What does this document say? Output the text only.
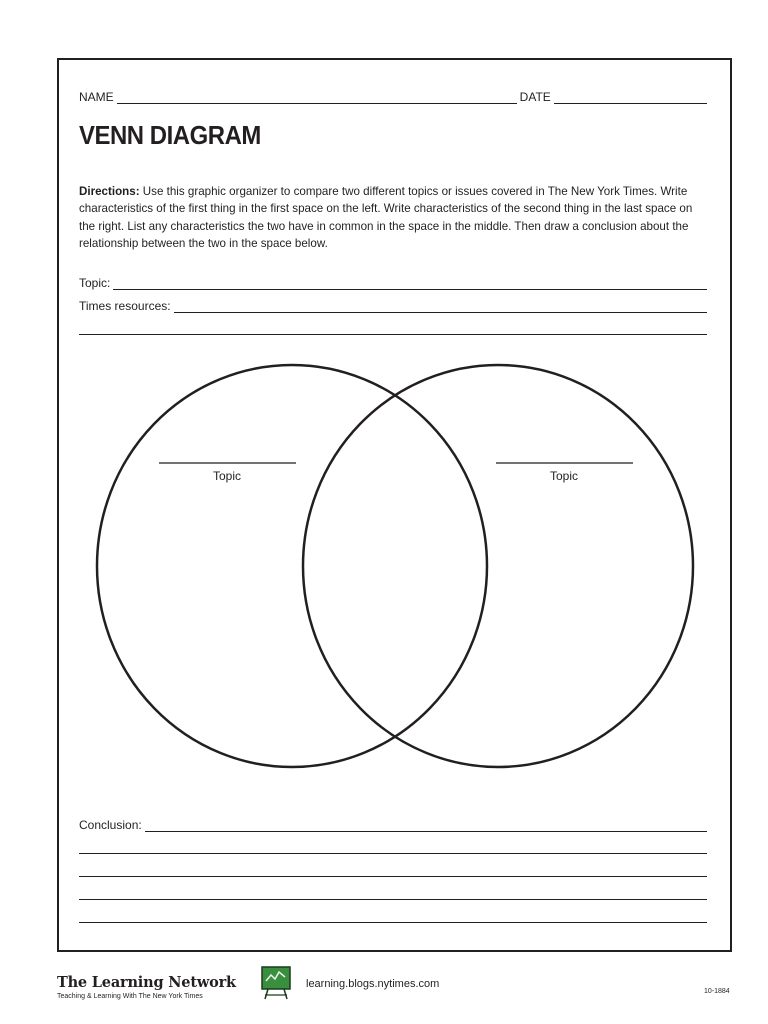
NAME	DATE
VENN DIAGRAM
Directions: Use this graphic organizer to compare two different topics or issues covered in The New York Times. Write characteristics of the first thing in the first space on the left. Write characteristics of the second thing in the last space on the right. List any characteristics the two have in common in the space in the middle. Then draw a conclusion about the relationship between the two in the space below.
Topic:
Times resources:
Topic	Topic
Conclusion:
The Learning Network
Teaching & Learning With The New York Times
learning.blogs.nytimes.com
10-1884
